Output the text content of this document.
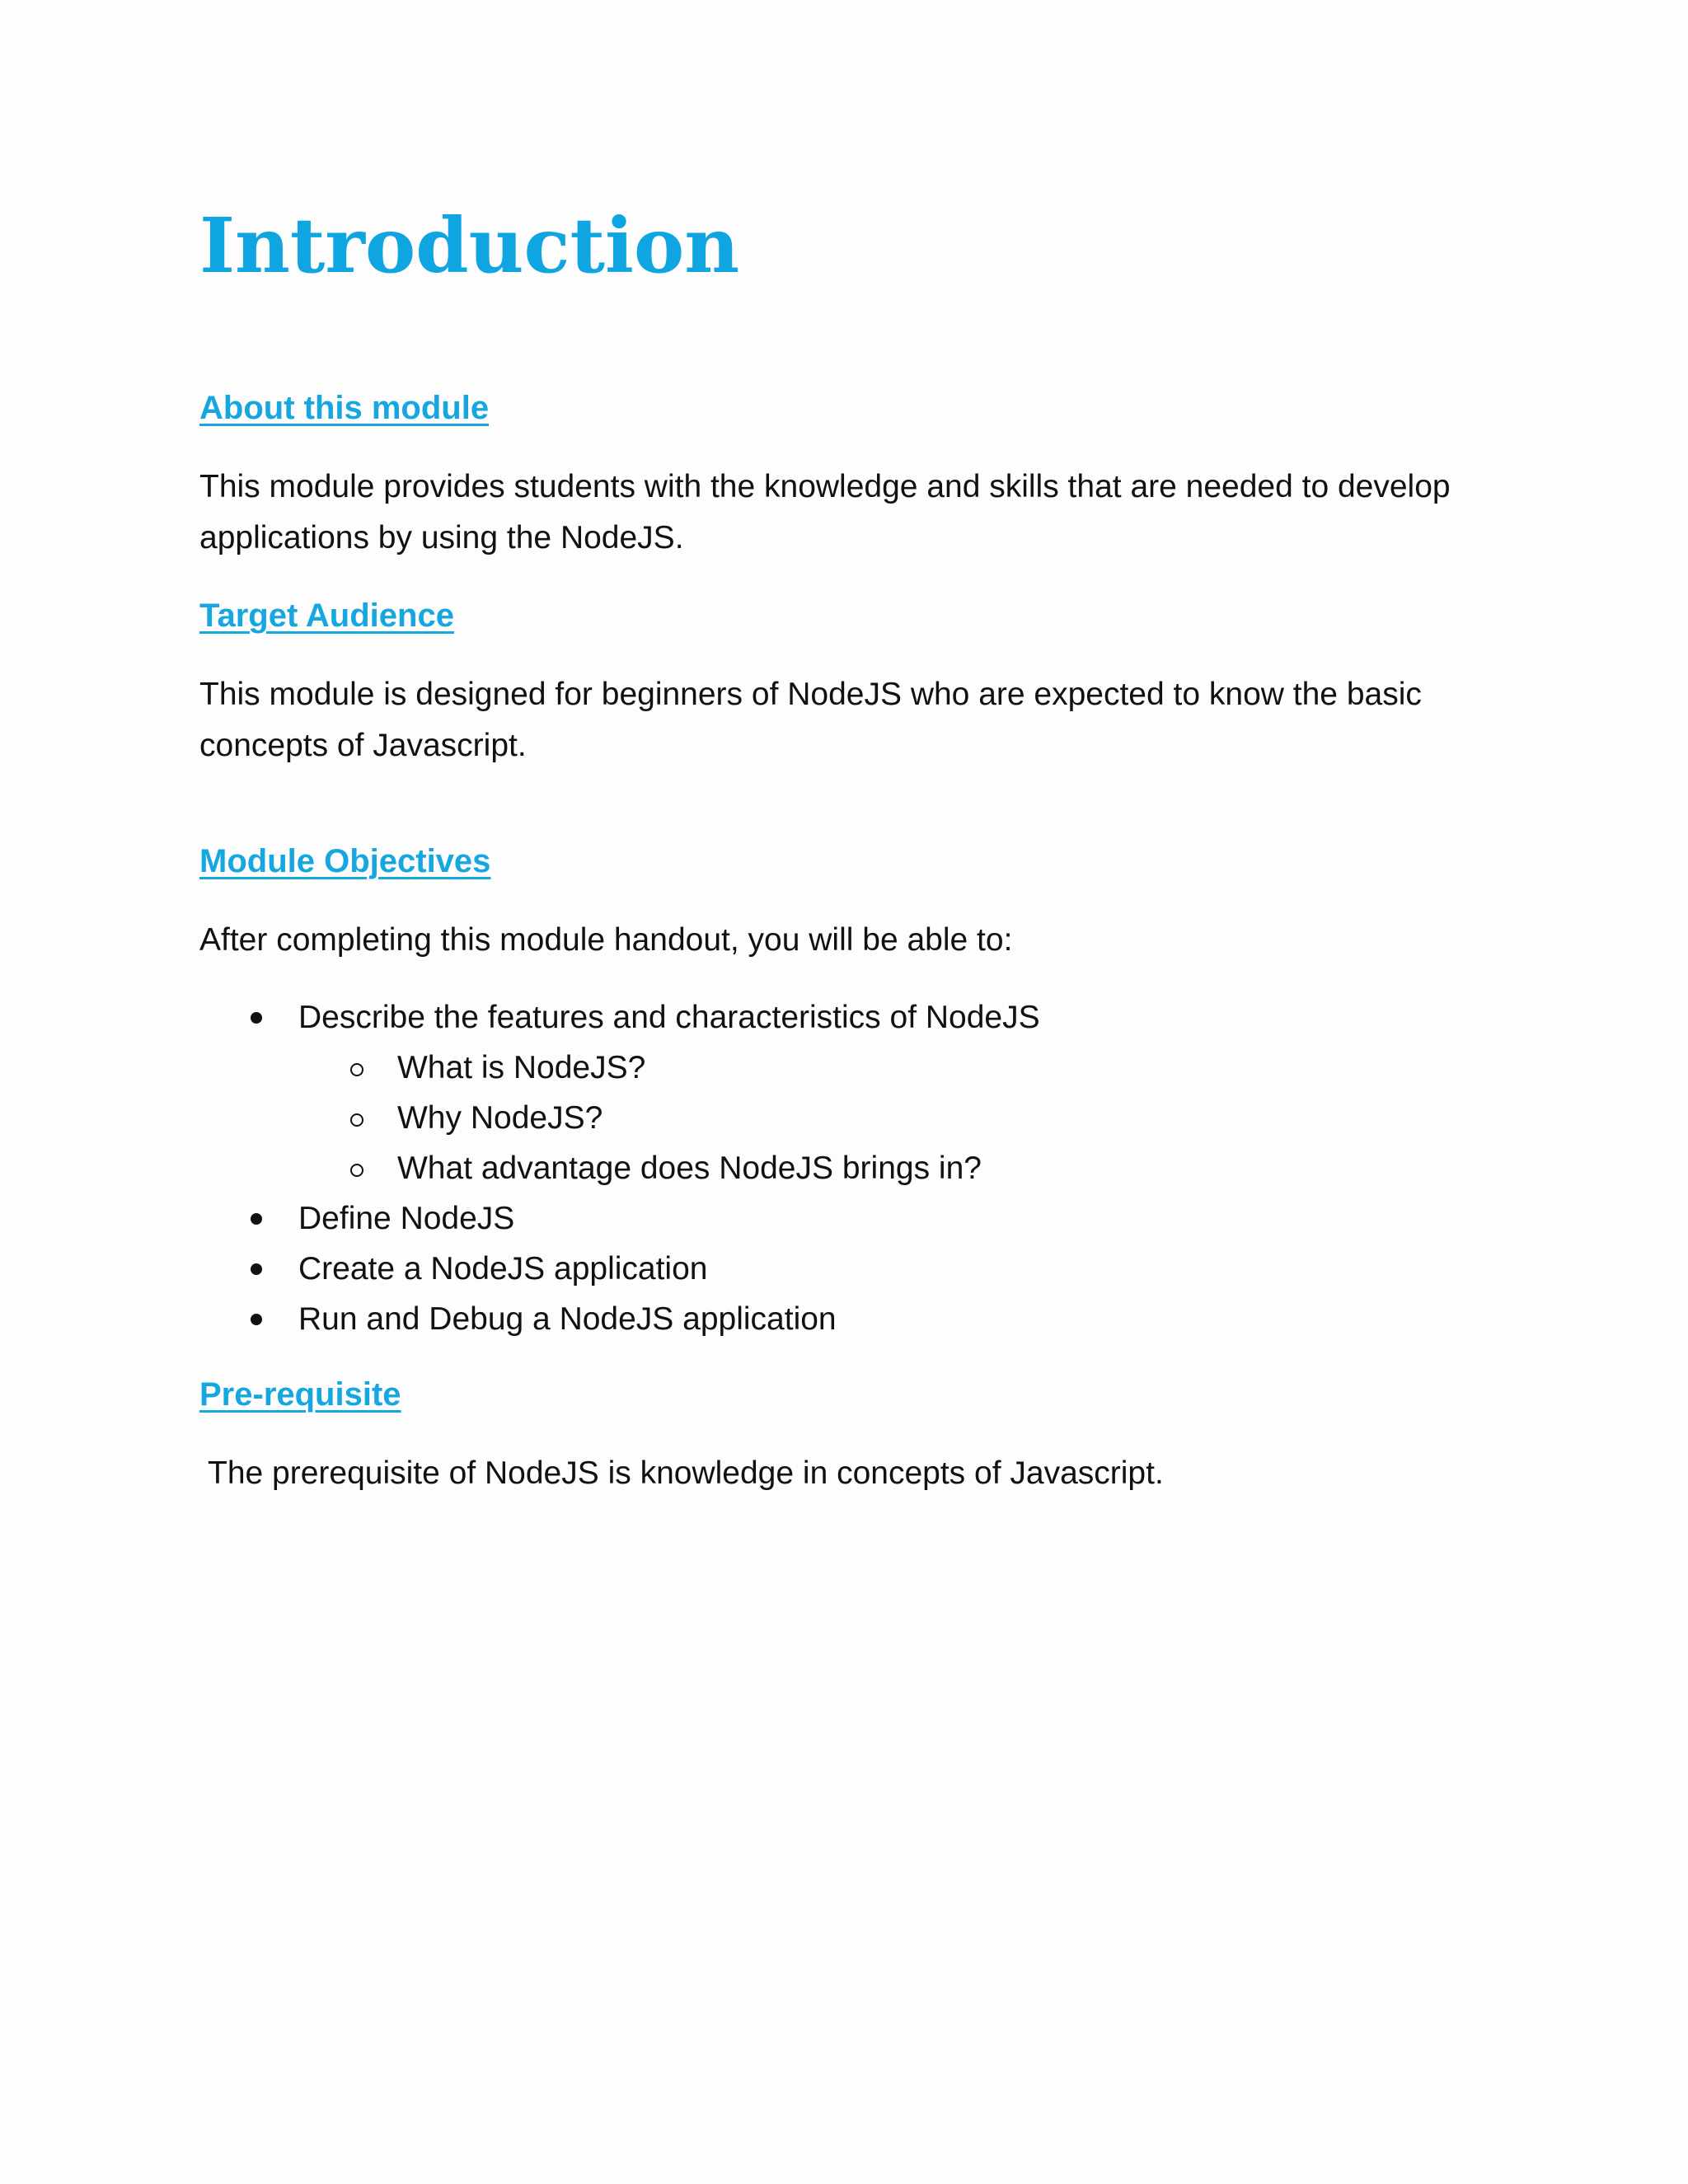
Introduction
About this module

This module provides students with the knowledge and skills that are needed to develop applications by using the NodeJS.

Target Audience

This module is designed for beginners of NodeJS who are expected to know the basic concepts of Javascript.

Module Objectives

After completing this module handout, you will be able to:

Describe the features and characteristics of NodeJS
What is NodeJS?
Why NodeJS?
What advantage does NodeJS brings in?
Define NodeJS
Create a NodeJS application
Run and Debug a NodeJS application
Pre-requisite

The prerequisite of NodeJS is knowledge in concepts of Javascript.
